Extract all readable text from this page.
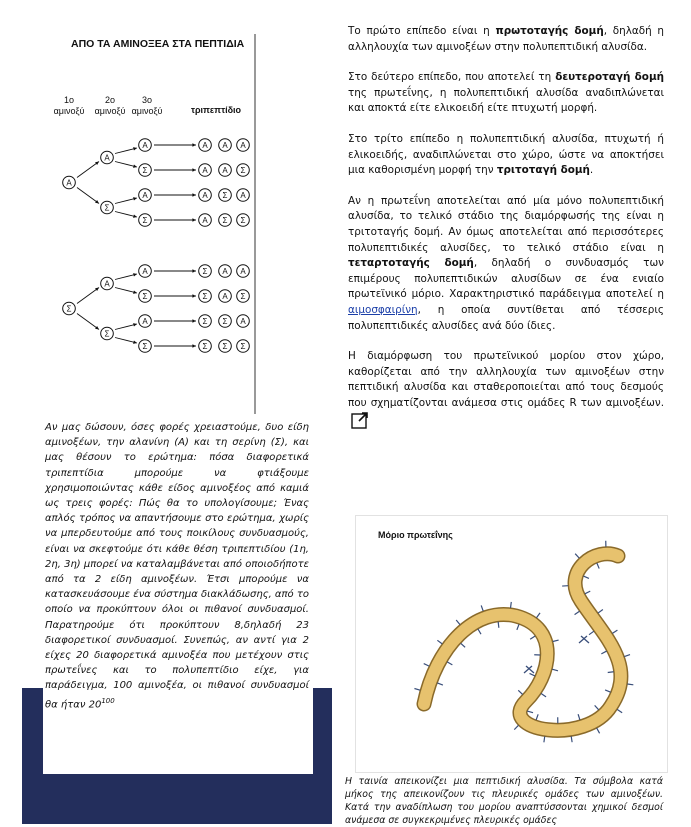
ΑΠΟ ΤΑ ΑΜΙΝΟΞΕΑ ΣΤΑ ΠΕΠΤΙΔΙΑ
1ο
αμινοξύ
2ο
αμινοξύ
3ο
αμινοξύ	τριπεπτίδιο
Α
Σ
Α
Σ
Α
Σ
Α	Α Α Α
Σ	Α Α Σ
Α	Α Σ Α
Σ	Α Σ Σ
Α	Σ Α Α
Σ	Σ Α Σ
Α	Σ Σ Α
Σ	Σ Σ Σ
Αν μας δώσουν, όσες φορές χρειαστούμε, δυο είδη αμινοξέων, την αλανίνη (Α) και τη σερίνη (Σ), και μας θέσουν το ερώτημα: πόσα διαφορετικά τριπεπτίδια μπορούμε να φτιάξουμε χρησιμοποιώντας κάθε είδος αμινοξέος από καμιά ως τρεις φορές: Πώς θα το υπολογίσουμε; Ένας απλός τρόπος να απαντήσουμε στο ερώτημα, χωρίς να μπερδευτούμε από τους ποικίλους συνδυασμούς, είναι να σκεφτούμε ότι κάθε θέση τριπεπτιδίου (1η, 2η, 3η) μπορεί να καταλαμβάνεται από οποιοδήποτε από τα 2 είδη αμινοξέων. Έτσι μπορούμε να κατασκευάσουμε ένα σύστημα διακλάδωσης, από το οποίο να προκύπτουν όλοι οι πιθανοί συνδυασμοί. Παρατηρούμε ότι προκύπτουν 8,δηλαδή 23 διαφορετικοί συνδυασμοί. Συνεπώς, αν αντί για 2 είχες 20 διαφορετικά αμινοξέα που μετέχουν στις πρωτεΐνες και το πολυπεπτίδιο είχε, για παράδειγμα, 100 αμινοξέα, οι πιθανοί συνδυασμοί θα ήταν $20^{100}$

Το πρώτο επίπεδο είναι η πρωτοταγής δομή, δηλαδή η αλληλουχία των αμινοξέων στην πολυπεπτιδική αλυσίδα.

Στο δεύτερο επίπεδο, που αποτελεί τη δευτεροταγή δομή της πρωτεΐνης, η πολυπεπτιδική αλυσίδα αναδιπλώνεται και αποκτά είτε ελικοειδή είτε πτυχωτή μορφή.

Στο τρίτο επίπεδο η πολυπεπτιδική αλυσίδα, πτυχωτή ή ελικοειδής, αναδιπλώνεται στο χώρο, ώστε να αποκτήσει μια καθορισμένη μορφή την τριτοταγή δομή.

Αν η πρωτεΐνη αποτελείται από μία μόνο πολυπεπτιδική αλυσίδα, το τελικό στάδιο της διαμόρφωσής της είναι η τριτοταγής δομή. Αν όμως αποτελείται από περισσότερες πολυπεπτιδικές αλυσίδες, το τελικό στάδιο είναι η τεταρτοταγής δομή, δηλαδή ο συνδυασμός των επιμέρους πολυπεπτιδικών αλυσίδων σε ένα ενιαίο πρωτεϊνικό μόριο. Χαρακτηριστικό παράδειγμα αποτελεί η αιμοσφαιρίνη, η οποία συντίθεται από τέσσερις πολυπεπτιδικές αλυσίδες ανά δύο ίδιες.

Η διαμόρφωση του πρωτεϊνικού μορίου στον χώρο, καθορίζεται από την αλληλουχία των αμινοξέων στην πεπτιδική αλυσίδα και σταθεροποιείται από τους δεσμούς που σχηματίζονται ανάμεσα στις ομάδες R των αμινοξέων.

Μόριο πρωτεΐνης
Η ταινία απεικονίζει μια πεπτιδική αλυσίδα. Τα σύμβολα κατά μήκος της απεικονίζουν τις πλευρικές ομάδες των αμινοξέων. Κατά την αναδίπλωση του μορίου αναπτύσσονται χημικοί δεσμοί ανάμεσα σε συγκεκριμένες πλευρικές ομάδες
